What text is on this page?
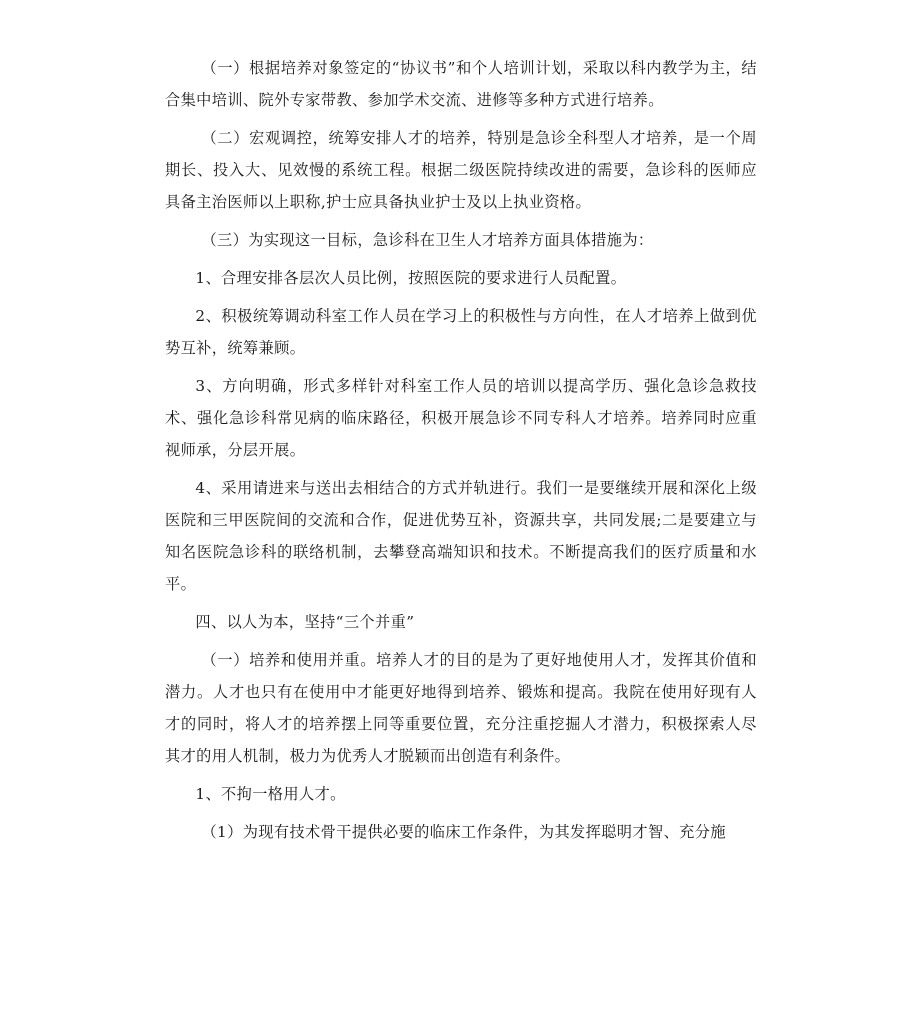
（一）根据培养对象签定的“协议书”和个人培训计划，采取以科内教学为主，结合集中培训、院外专家带教、参加学术交流、进修等多种方式进行培养。

（二）宏观调控，统筹安排人才的培养，特别是急诊全科型人才培养，是一个周期长、投入大、见效慢的系统工程。根据二级医院持续改进的需要，急诊科的医师应具备主治医师以上职称,护士应具备执业护士及以上执业资格。

（三）为实现这一目标，急诊科在卫生人才培养方面具体措施为：

1、合理安排各层次人员比例，按照医院的要求进行人员配置。

2、积极统筹调动科室工作人员在学习上的积极性与方向性，在人才培养上做到优势互补，统筹兼顾。

3、方向明确，形式多样针对科室工作人员的培训以提高学历、强化急诊急救技术、强化急诊科常见病的临床路径，积极开展急诊不同专科人才培养。培养同时应重视师承，分层开展。

4、采用请进来与送出去相结合的方式并轨进行。我们一是要继续开展和深化上级医院和三甲医院间的交流和合作，促进优势互补，资源共享，共同发展;二是要建立与知名医院急诊科的联络机制，去攀登高端知识和技术。不断提高我们的医疗质量和水平。

四、以人为本，坚持“三个并重”

（一）培养和使用并重。培养人才的目的是为了更好地使用人才，发挥其价值和潜力。人才也只有在使用中才能更好地得到培养、锻炼和提高。我院在使用好现有人才的同时，将人才的培养摆上同等重要位置，充分注重挖掘人才潜力，积极探索人尽其才的用人机制，极力为优秀人才脱颖而出创造有利条件。

1、不拘一格用人才。

（1）为现有技术骨干提供必要的临床工作条件，为其发挥聪明才智、充分施
